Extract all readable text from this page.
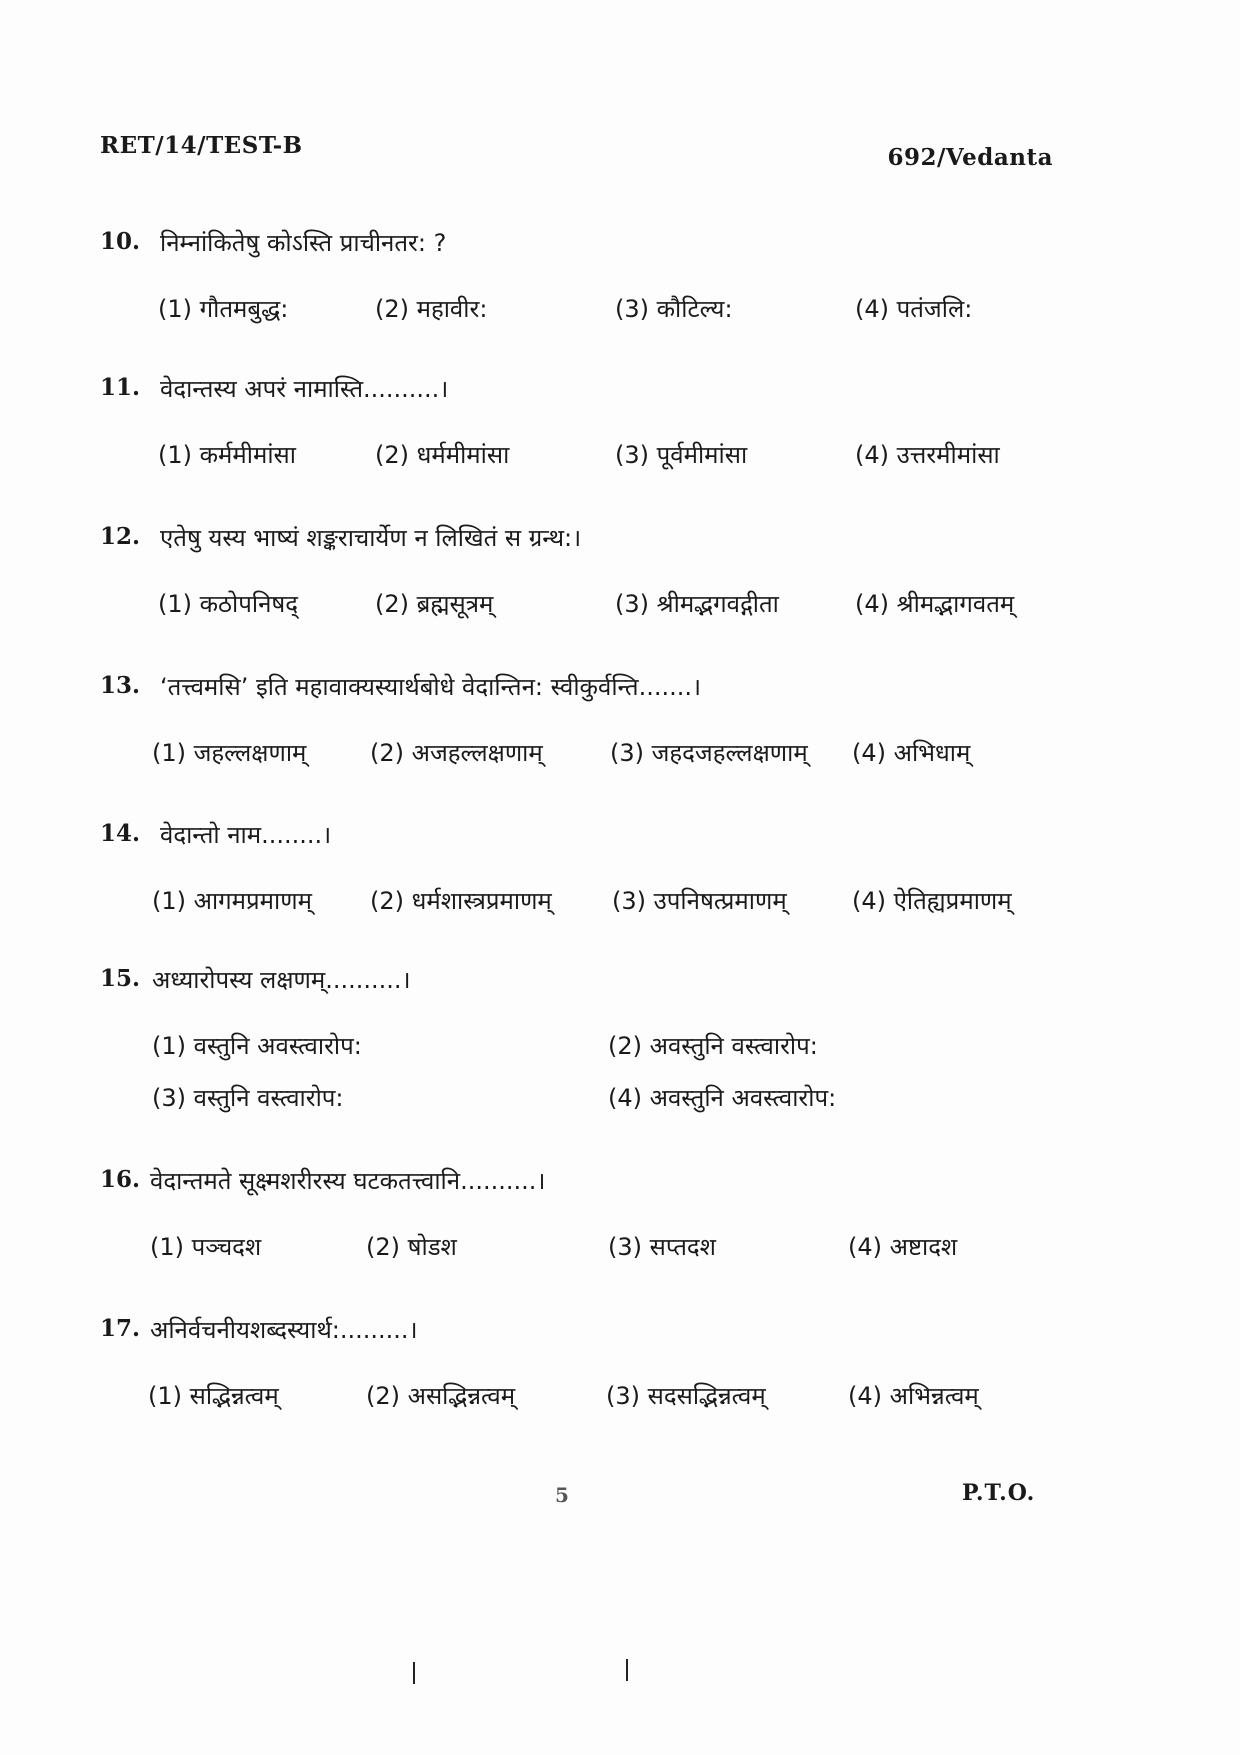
RET/14/TEST-B	692/Vedanta
10. निम्नांकितेषु कोऽस्ति प्राचीनतर: ?
(1) गौतमबुद्ध:	(2) महावीर:	(3) कौटिल्य:	(4) पतंजलि:
11. वेदान्तस्य अपरं नामास्ति..........।
(1) कर्ममीमांसा	(2) धर्ममीमांसा	(3) पूर्वमीमांसा	(4) उत्तरमीमांसा
12. एतेषु यस्य भाष्यं शङ्कराचार्येण न लिखितं स ग्रन्थ:।
(1) कठोपनिषद्	(2) ब्रह्मसूत्रम्	(3) श्रीमद्भगवद्गीता	(4) श्रीमद्भागवतम्
13. ‘तत्त्वमसि’ इति महावाक्यस्यार्थबोधे वेदान्तिन: स्वीकुर्वन्ति.......।
(1) जहल्लक्षणाम्	(2) अजहल्लक्षणाम्	(3) जहदजहल्लक्षणाम् (4) अभिधाम्
14. वेदान्तो नाम........।
(1) आगमप्रमाणम् (2) धर्मशास्त्रप्रमाणम्	(3) उपनिषत्प्रमाणम्	(4) ऐतिह्यप्रमाणम्
15. अध्यारोपस्य लक्षणम्..........।
(1) वस्तुनि अवस्त्वारोप:	(2) अवस्तुनि वस्त्वारोप:
(3) वस्तुनि वस्त्वारोप:	(4) अवस्तुनि अवस्त्वारोप:
16. वेदान्तमते सूक्ष्मशरीरस्य घटकतत्त्वानि..........।
(1) पञ्चदश	(2) षोडश	(3) सप्तदश	(4) अष्टादश
17. अनिर्वचनीयशब्दस्यार्थ:.........।
(1) सद्भिन्नत्वम्	(2) असद्भिन्नत्वम्	(3) सदसद्भिन्नत्वम्	(4) अभिन्नत्वम्
5	P.T.O.
